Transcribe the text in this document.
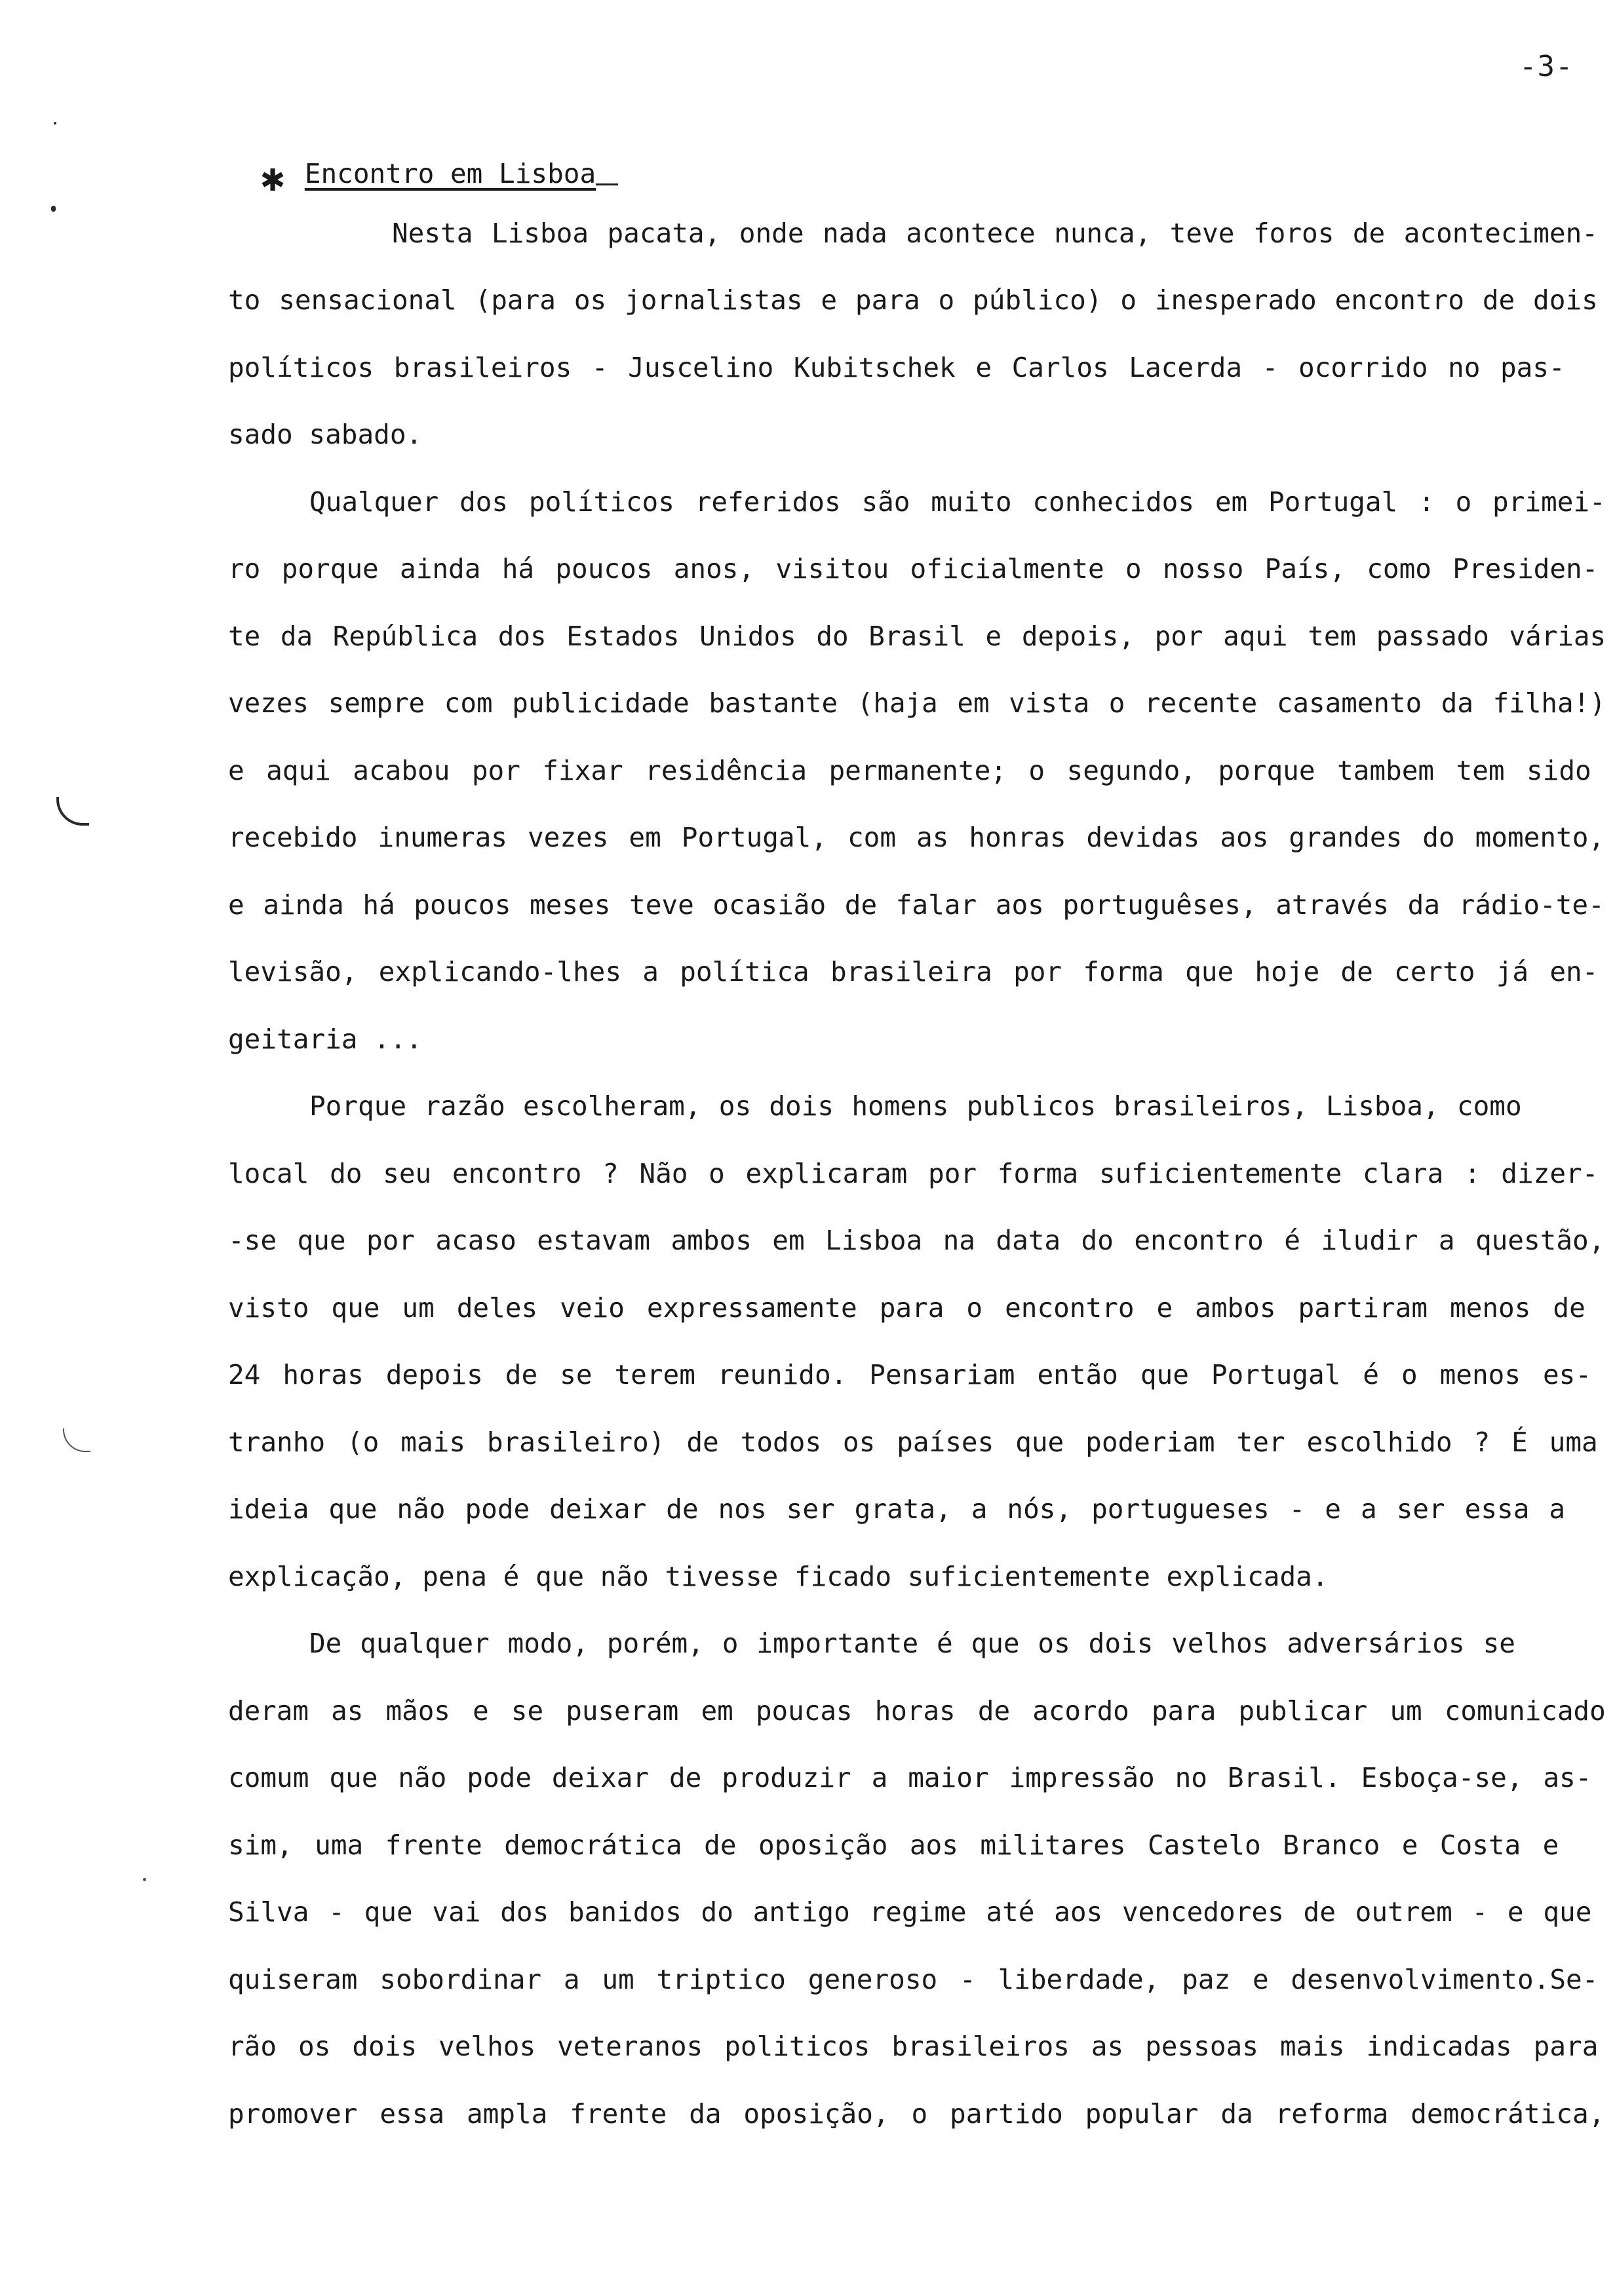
-3-
✱ Encontro em Lisboa
Nesta Lisboa pacata, onde nada acontece nunca, teve foros de acontecimen-
to sensacional (para os jornalistas e para o público) o inesperado encontro de dois
políticos brasileiros - Juscelino Kubitschek e Carlos Lacerda - ocorrido no pas-
sado sabado.
Qualquer dos políticos referidos são muito conhecidos em Portugal : o primei-
ro porque ainda há poucos anos, visitou oficialmente o nosso País, como Presiden-
te da República dos Estados Unidos do Brasil e depois, por aqui tem passado várias
vezes sempre com publicidade bastante (haja em vista o recente casamento da filha!)
e aqui acabou por fixar residência permanente; o segundo, porque tambem tem sido
recebido inumeras vezes em Portugal, com as honras devidas aos grandes do momento,
e ainda há poucos meses teve ocasião de falar aos portuguêses, através da rádio-te-
levisão, explicando-lhes a política brasileira por forma que hoje de certo já en-
geitaria ...
Porque razão escolheram, os dois homens publicos brasileiros, Lisboa, como
local do seu encontro ? Não o explicaram por forma suficientemente clara : dizer-
-se que por acaso estavam ambos em Lisboa na data do encontro é iludir a questão,
visto que um deles veio expressamente para o encontro e ambos partiram menos de
24 horas depois de se terem reunido. Pensariam então que Portugal é o menos es-
tranho (o mais brasileiro) de todos os países que poderiam ter escolhido ? É uma
ideia que não pode deixar de nos ser grata, a nós, portugueses - e a ser essa a
explicação, pena é que não tivesse ficado suficientemente explicada.
De qualquer modo, porém, o importante é que os dois velhos adversários se
deram as mãos e se puseram em poucas horas de acordo para publicar um comunicado
comum que não pode deixar de produzir a maior impressão no Brasil. Esboça-se, as-
sim, uma frente democrática de oposição aos militares Castelo Branco e Costa e
Silva - que vai dos banidos do antigo regime até aos vencedores de outrem - e que
quiseram sobordinar a um triptico generoso - liberdade, paz e desenvolvimento.Se-
rão os dois velhos veteranos politicos brasileiros as pessoas mais indicadas para
promover essa ampla frente da oposição, o partido popular da reforma democrática,
